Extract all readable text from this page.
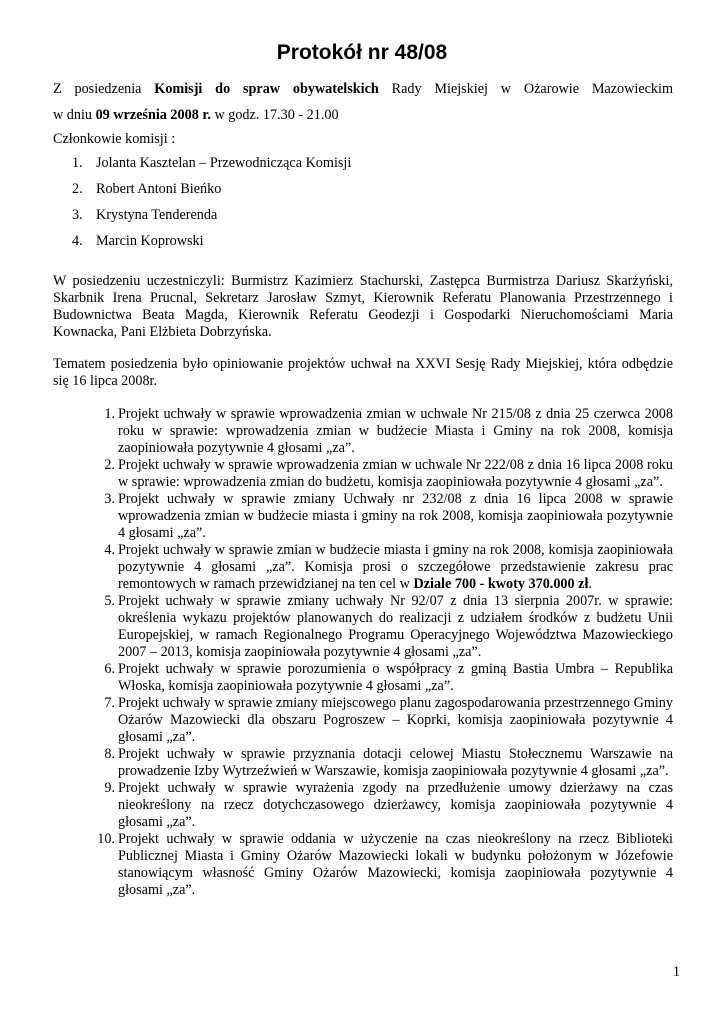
Protokół nr 48/08
Z posiedzenia Komisji do spraw obywatelskich Rady Miejskiej w Ożarowie Mazowieckim
w dniu 09 września 2008 r. w godz. 17.30 - 21.00
Członkowie komisji :
1. Jolanta Kasztelan – Przewodnicząca Komisji
2. Robert Antoni Bieńko
3. Krystyna Tenderenda
4. Marcin Koprowski
W posiedzeniu uczestniczyli: Burmistrz Kazimierz Stachurski, Zastępca Burmistrza Dariusz Skarżyński, Skarbnik Irena Prucnal, Sekretarz Jarosław Szmyt, Kierownik Referatu Planowania Przestrzennego i Budownictwa Beata Magda, Kierownik Referatu Geodezji i Gospodarki Nieruchomościami Maria Kownacka, Pani Elżbieta Dobrzyńska.
Tematem posiedzenia było opiniowanie projektów uchwał na XXVI Sesję Rady Miejskiej, która odbędzie się 16 lipca 2008r.
1. Projekt uchwały w sprawie wprowadzenia zmian w uchwale Nr 215/08 z dnia 25 czerwca 2008 roku w sprawie: wprowadzenia zmian w budżecie Miasta i Gminy na rok 2008, komisja zaopiniowała pozytywnie 4 głosami „za”.
2. Projekt uchwały w sprawie wprowadzenia zmian w uchwale Nr 222/08 z dnia 16 lipca 2008 roku w sprawie: wprowadzenia zmian do budżetu, komisja zaopiniowała pozytywnie 4 głosami „za”.
3. Projekt uchwały w sprawie zmiany Uchwały nr 232/08 z dnia 16 lipca 2008 w sprawie wprowadzenia zmian w budżecie miasta i gminy na rok 2008, komisja zaopiniowała pozytywnie 4 głosami „za”.
4. Projekt uchwały w sprawie zmian w budżecie miasta i gminy na rok 2008, komisja zaopiniowała pozytywnie 4 głosami „za”. Komisja prosi o szczegółowe przedstawienie zakresu prac remontowych w ramach przewidzianej na ten cel w Dziale 700 - kwoty 370.000 zł.
5. Projekt uchwały w sprawie zmiany uchwały Nr 92/07 z dnia 13 sierpnia 2007r. w sprawie: określenia wykazu projektów planowanych do realizacji z udziałem środków z budżetu Unii Europejskiej, w ramach Regionalnego Programu Operacyjnego Województwa Mazowieckiego 2007 – 2013, komisja zaopiniowała pozytywnie 4 głosami „za”.
6. Projekt uchwały w sprawie porozumienia o współpracy z gminą Bastia Umbra – Republika Włoska, komisja zaopiniowała pozytywnie 4 głosami „za”.
7. Projekt uchwały w sprawie zmiany miejscowego planu zagospodarowania przestrzennego Gminy Ożarów Mazowiecki dla obszaru Pogroszew – Koprki, komisja zaopiniowała pozytywnie 4 głosami „za”.
8. Projekt uchwały w sprawie przyznania dotacji celowej Miastu Stołecznemu Warszawie na prowadzenie Izby Wytrzeźwień w Warszawie, komisja zaopiniowała pozytywnie 4 głosami „za”.
9. Projekt uchwały w sprawie wyrażenia zgody na przedłużenie umowy dzierżawy na czas nieokreślony na rzecz dotychczasowego dzierżawcy, komisja zaopiniowała pozytywnie 4 głosami „za”.
10. Projekt uchwały w sprawie oddania w użyczenie na czas nieokreślony na rzecz Biblioteki Publicznej Miasta i Gminy Ożarów Mazowiecki lokali w budynku położonym w Józefowie stanowiącym własność Gminy Ożarów Mazowiecki, komisja zaopiniowała pozytywnie 4 głosami „za”.
1
